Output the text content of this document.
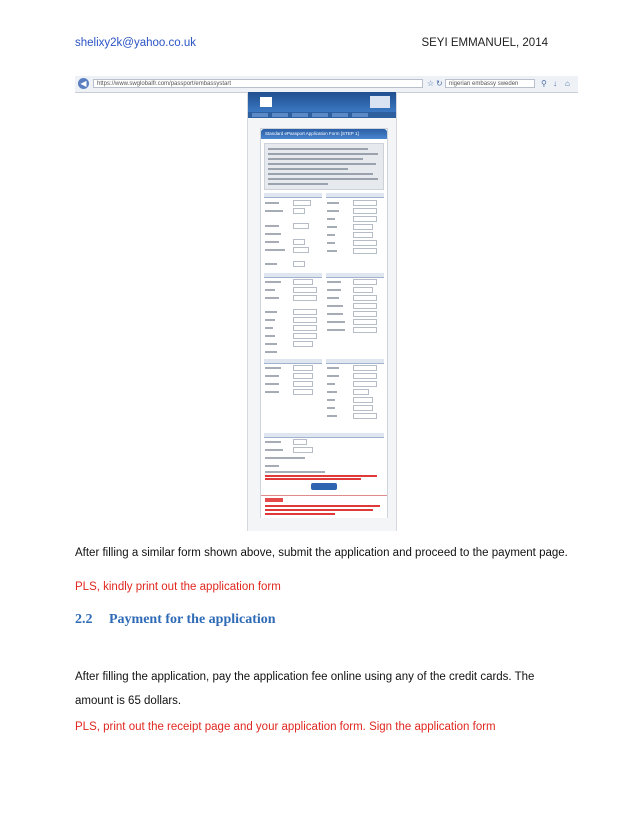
shelixy2k@yahoo.co.uk	SEYI EMMANUEL, 2014
◀	https://www.swglobalfr.com/passport/embassystart	☆ ↻	nigerian embassy sweden	⚲ ↓ ⌂
Standard ePassport Application Form [STEP 1]
After filling a similar form shown above, submit the application and proceed to the payment page.
PLS, kindly print out the application form
2.2 Payment for the application
After filling the application, pay the application fee online using any of the credit cards. The amount is 65 dollars.
PLS, print out the receipt page and your application form. Sign the application form
